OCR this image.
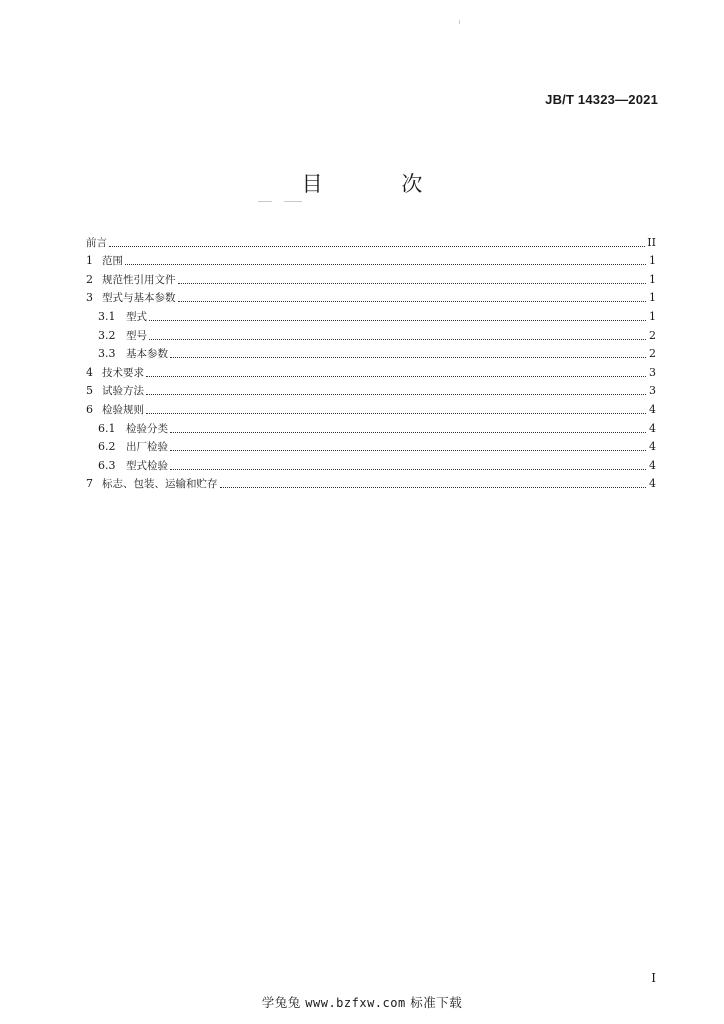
JB/T 14323—2021
目 次
前言	II
1 范围	1
2 规范性引用文件	1
3 型式与基本参数	1
3.1	型式	1
3.2	型号	2
3.3	基本参数	2
4 技术要求	3
5 试验方法	3
6 检验规则	4
6.1	检验分类	4
6.2	出厂检验	4
6.3	型式检验	4
7 标志、包装、运输和贮存	4
I
学兔兔 www.bzfxw.com 标准下载
